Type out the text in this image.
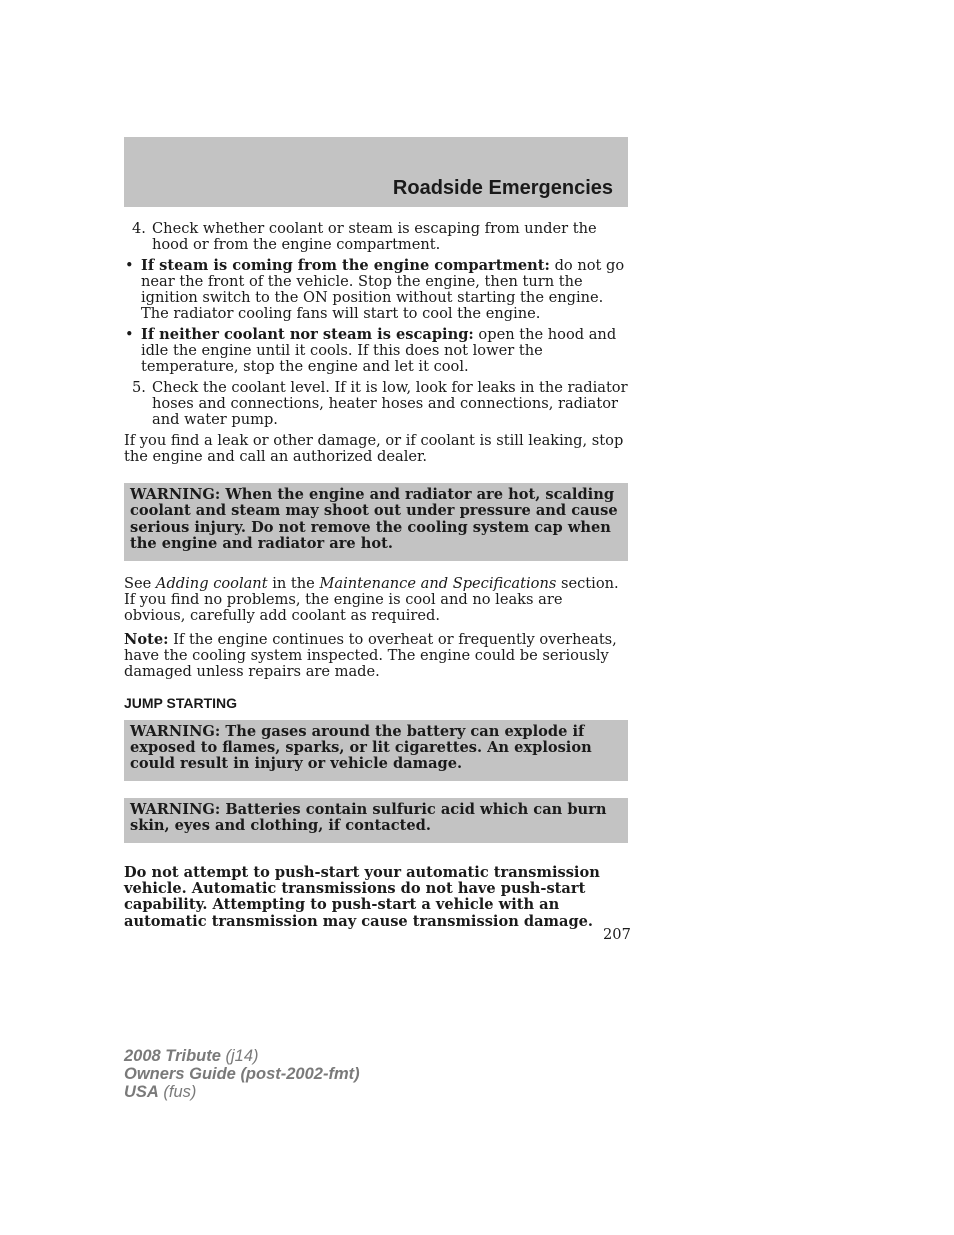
Roadside Emergencies
4. Check whether coolant or steam is escaping from under the hood or from the engine compartment.

• If steam is coming from the engine compartment: do not go near the front of the vehicle. Stop the engine, then turn the ignition switch to the ON position without starting the engine. The radiator cooling fans will start to cool the engine.

• If neither coolant nor steam is escaping: open the hood and idle the engine until it cools. If this does not lower the temperature, stop the engine and let it cool.

5. Check the coolant level. If it is low, look for leaks in the radiator hoses and connections, heater hoses and connections, radiator and water pump.

If you find a leak or other damage, or if coolant is still leaking, stop the engine and call an authorized dealer.

WARNING: When the engine and radiator are hot, scalding coolant and steam may shoot out under pressure and cause serious injury. Do not remove the cooling system cap when the engine and radiator are hot.

See Adding coolant in the Maintenance and Specifications section. If you find no problems, the engine is cool and no leaks are obvious, carefully add coolant as required.

Note: If the engine continues to overheat or frequently overheats, have the cooling system inspected. The engine could be seriously damaged unless repairs are made.

JUMP STARTING
WARNING: The gases around the battery can explode if exposed to flames, sparks, or lit cigarettes. An explosion could result in injury or vehicle damage.
WARNING: Batteries contain sulfuric acid which can burn skin, eyes and clothing, if contacted.

Do not attempt to push-start your automatic transmission vehicle. Automatic transmissions do not have push-start capability. Attempting to push-start a vehicle with an automatic transmission may cause transmission damage.

207
2008 Tribute (j14)
Owners Guide (post-2002-fmt)
USA (fus)
